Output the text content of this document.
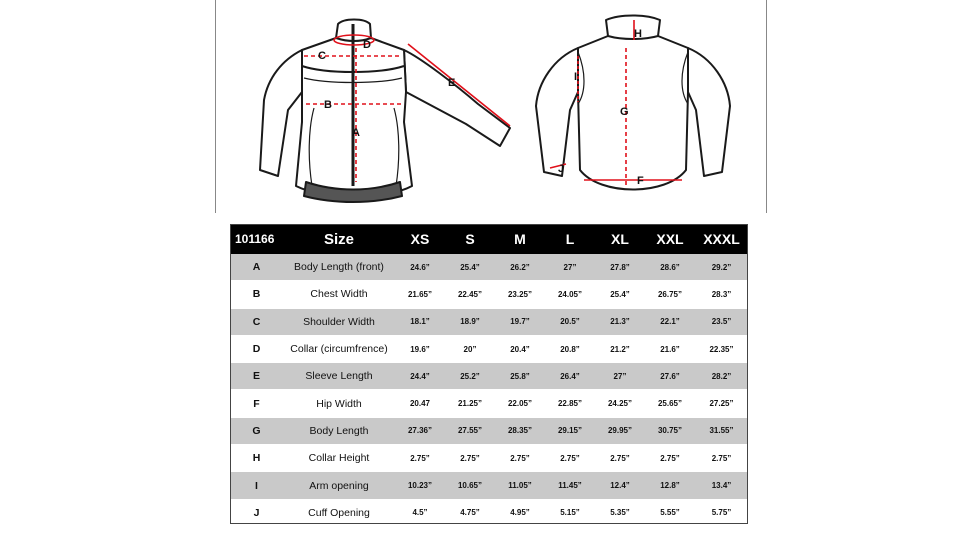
A
B
C
D
E
H
G
I
F
J
101166	Size	XS	S	M	L	XL	XXL	XXXL
A	Body Length (front)	24.6”	25.4”	26.2”	27”	27.8”	28.6”	29.2”
B	Chest Width	21.65”	22.45”	23.25”	24.05”	25.4”	26.75”	28.3”
C	Shoulder Width	18.1”	18.9”	19.7”	20.5”	21.3”	22.1”	23.5”
D	Collar (circumfrence)	19.6”	20”	20.4”	20.8”	21.2”	21.6”	22.35”
E	Sleeve Length	24.4”	25.2”	25.8”	26.4”	27”	27.6”	28.2”
F	Hip Width	20.47	21.25”	22.05”	22.85”	24.25”	25.65”	27.25”
G	Body Length	27.36”	27.55”	28.35”	29.15”	29.95”	30.75”	31.55”
H	Collar Height	2.75”	2.75”	2.75”	2.75”	2.75”	2.75”	2.75”
I	Arm opening	10.23”	10.65”	11.05”	11.45”	12.4”	12.8”	13.4”
J	Cuff Opening	4.5”	4.75”	4.95”	5.15”	5.35”	5.55”	5.75”
